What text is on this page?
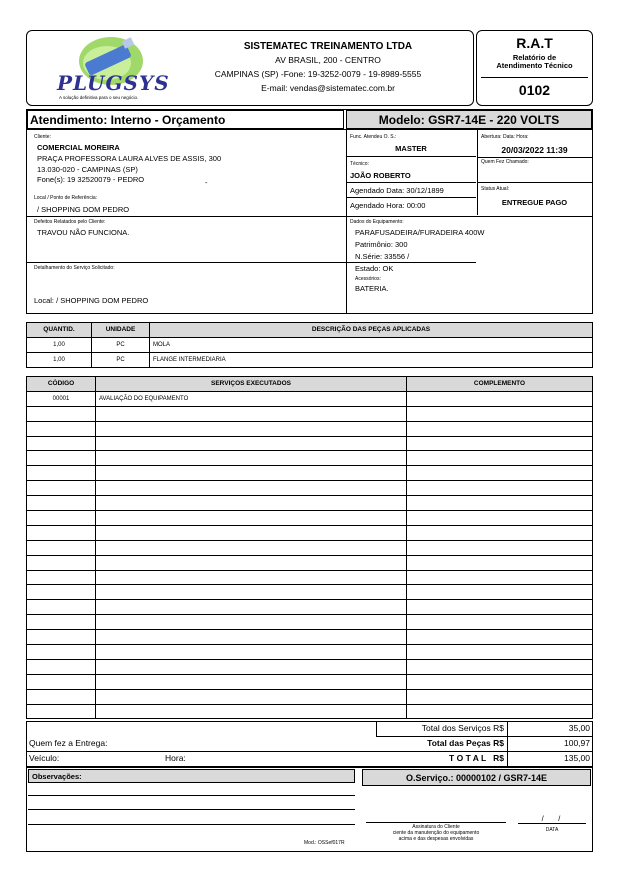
PLUGSYS
A solução definitiva para o seu negócio.
SISTEMATEC TREINAMENTO LTDA
AV BRASIL, 200 - CENTRO
CAMPINAS (SP) -Fone: 19-3252-0079 - 19-8989-5555
E-mail: vendas@sistematec.com.br
R.A.T
Relatório de
Atendimento Técnico
0102
Atendimento: Interno - Orçamento	Modelo: GSR7-14E - 220 VOLTS
Cliente:
COMERCIAL MOREIRA
PRAÇA PROFESSORA LAURA ALVES DE ASSIS, 300
13.030-020 - CAMPINAS (SP)
Fone(s): 19 32520079 - PEDRO	-
Local / Ponto de Referência:
/ SHOPPING DOM PEDRO
Func. Atendeu O. S.:
MASTER
Técnico:
JOÃO ROBERTO
Agendado Data: 30/12/1899
Agendado Hora: 00:00
Abertura: Data: Hora:
20/03/2022 11:39
Quem Fez Chamado:
Status Atual:
ENTREGUE PAGO
Defeitos Relatados pelo Cliente:
TRAVOU NÃO FUNCIONA.
Dados do Equipamento:
PARAFUSADEIRA/FURADEIRA 400W
Patrimônio: 300
N.Série: 33556 /
Estado: OK
Acessórios:
BATERIA.
Detalhamento do Serviço Solicitado:
Local: / SHOPPING DOM PEDRO
QUANTID.	UNIDADE	DESCRIÇÃO DAS PEÇAS APLICADAS
1,00	PC	MOLA
1,00	PC	FLANGE INTERMEDIARIA
CÓDIGO	SERVIÇOS EXECUTADOS	COMPLEMENTO
00001	AVALIAÇÃO DO EQUIPAMENTO	

Total dos Serviços R$	35,00
Total das Peças R$	100,97
T O T A L   R$	135,00
Quem fez a Entrega:
Veículo:	Hora:
Observações:
Mod.: OSSef017R
O.Serviço.: 00000102 / GSR7-14E
Assinatura do Cliente
ciente da manutenção do equipamento
acima e das despesas envolvidas
/       /
DATA
